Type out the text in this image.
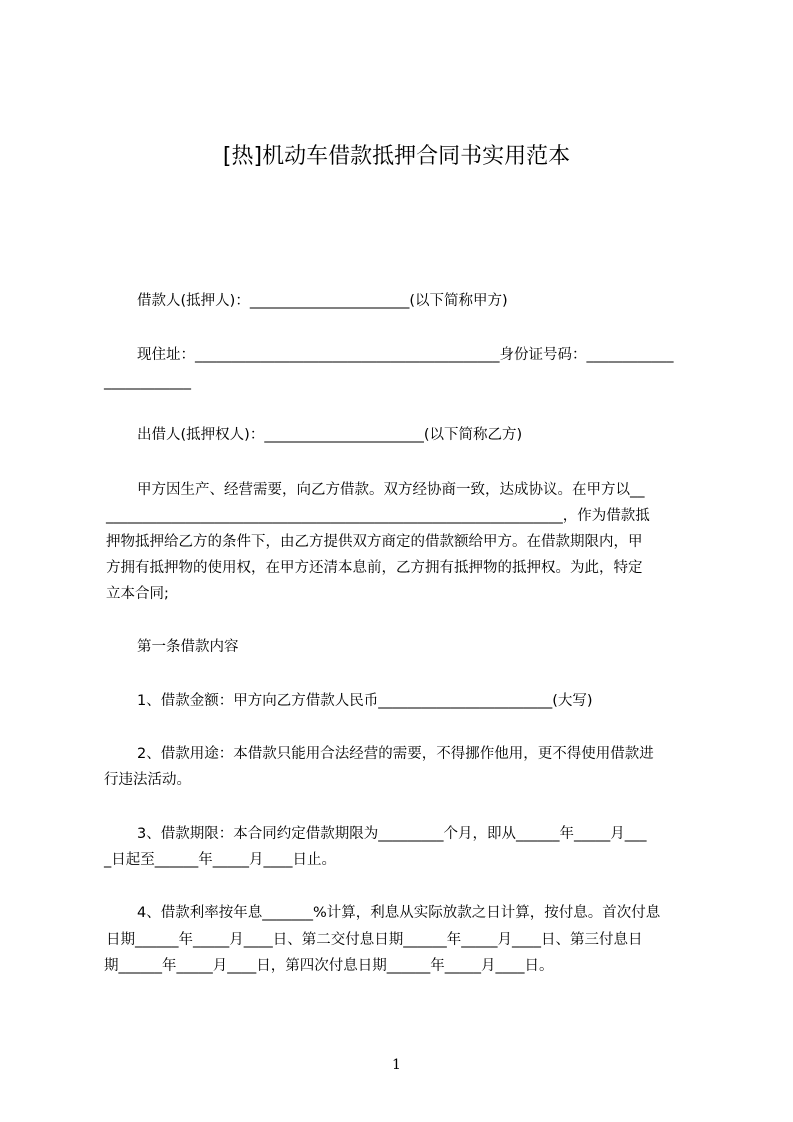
[热]机动车借款抵押合同书实用范本
借款人(抵押人)：______________________(以下简称甲方)
现住址：__________________________________________身份证号码：____________
____________
出借人(抵押权人)：______________________(以下简称乙方)
甲方因生产、经营需要，向乙方借款。双方经协商一致，达成协议。在甲方以__
_______________________________________________________________，作为借款抵
押物抵押给乙方的条件下，由乙方提供双方商定的借款额给甲方。在借款期限内，甲
方拥有抵押物的使用权，在甲方还清本息前，乙方拥有抵押物的抵押权。为此，特定
立本合同;
第一条借款内容
1、借款金额：甲方向乙方借款人民币________________________(大写)
2、借款用途：本借款只能用合法经营的需要，不得挪作他用，更不得使用借款进
行违法活动。
3、借款期限：本合同约定借款期限为_________个月，即从______年_____月___
_日起至______年_____月____日止。
4、借款利率按年息_______%计算，利息从实际放款之日计算，按付息。首次付息
日期______年_____月____日、第二交付息日期______年_____月____日、第三付息日
期______年_____月____日，第四次付息日期______年_____月____日。
1
